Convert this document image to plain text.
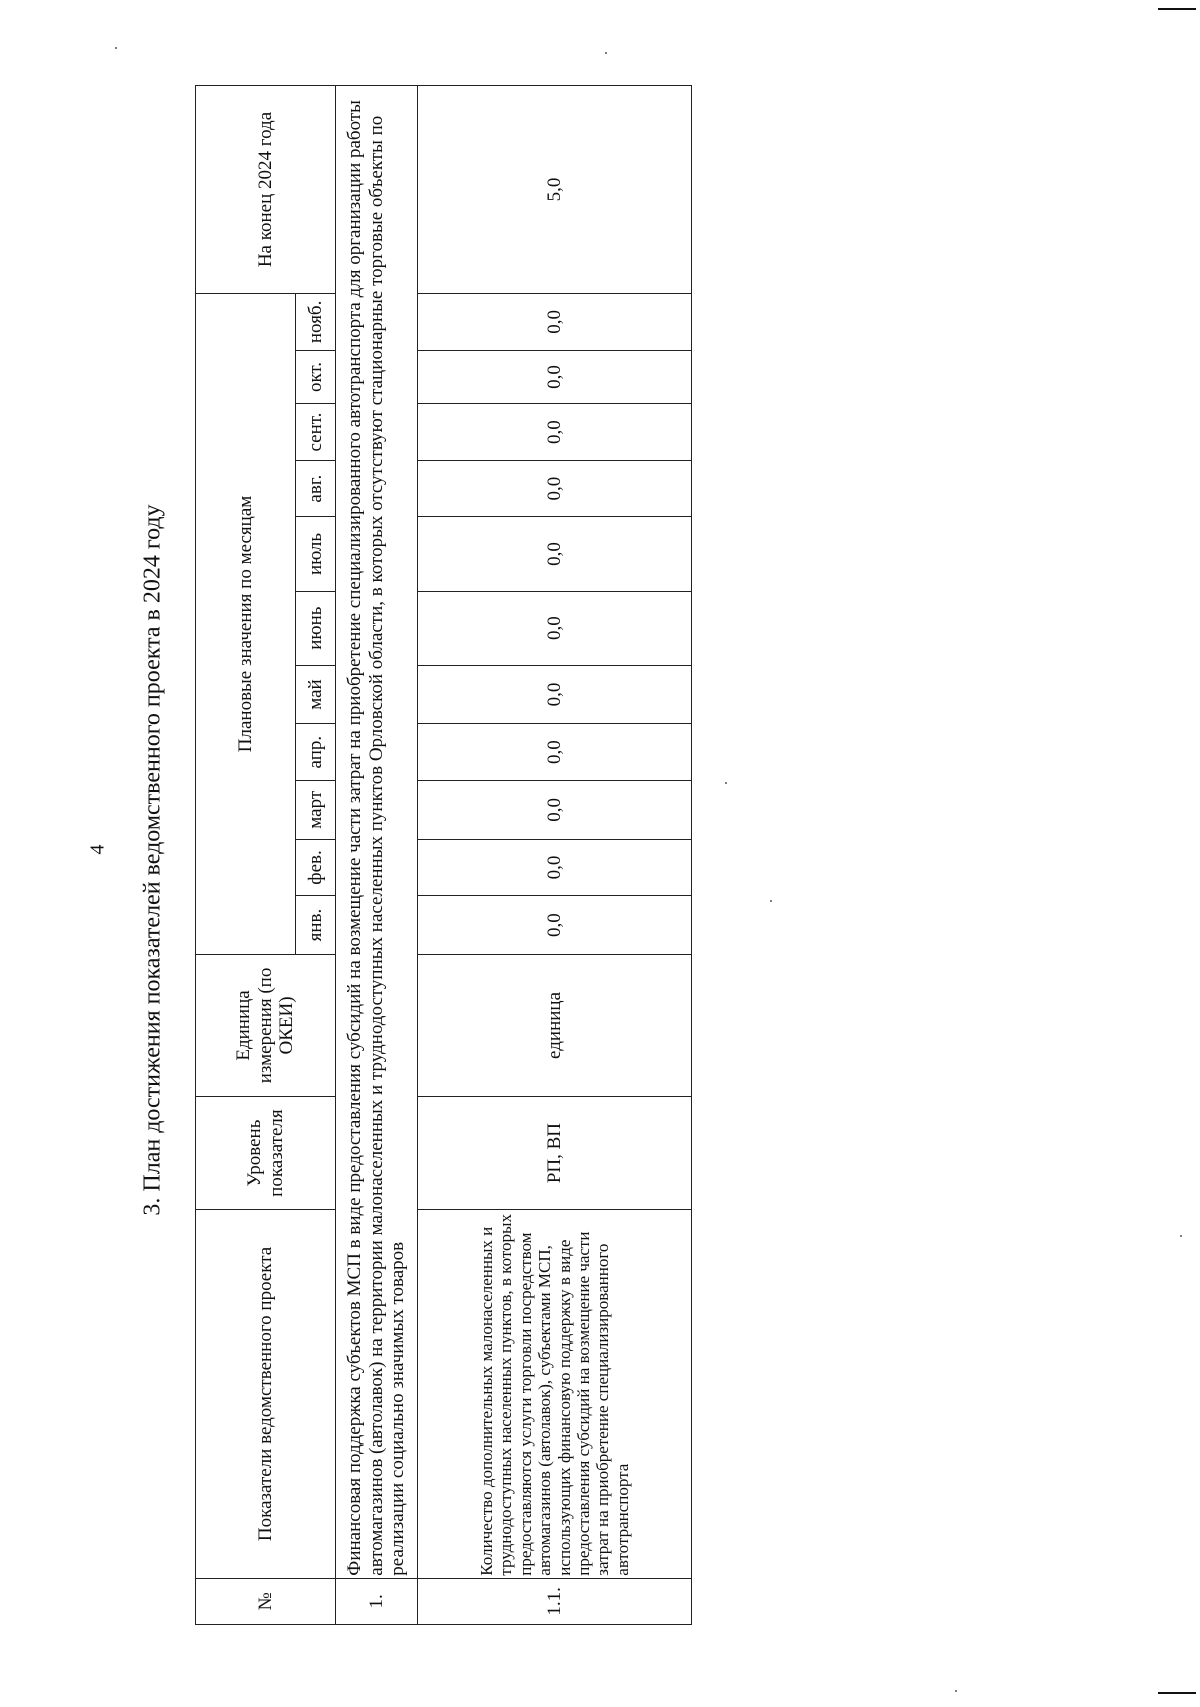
4 3. План достижения показателей ведомственного проекта в 2024 году
№	Показатели ведомственного проекта	Уровень показателя	Единица измерения (по ОКЕИ)	Плановые значения по месяцам											На конец 2024 года
				янв.	фев.	март	апр.	май	июнь	июль	авг.	сент.	окт.	нояб.	
1.	Финансовая поддержка субъектов МСП в виде предоставления субсидий на возмещение части затрат на приобретение специализированного автотранспорта для организации работы автомагазинов (автолавок) на территории малонаселенных и труднодоступных населенных пунктов Орловской области, в которых отсутствуют стационарные торговые объекты по реализации социально значимых товаров														
1.1.	Количество дополнительных малонаселенных и труднодоступных населенных пунктов, в которых предоставляются услуги торговли посредством автомагазинов (автолавок), субъектами МСП, использующих финансовую поддержку в виде предоставления субсидий на возмещение части затрат на приобретение специализированного автотранспорта	РП, ВП	единица	0,0	0,0	0,0	0,0	0,0	0,0	0,0	0,0	0,0	0,0	0,0	5,0
